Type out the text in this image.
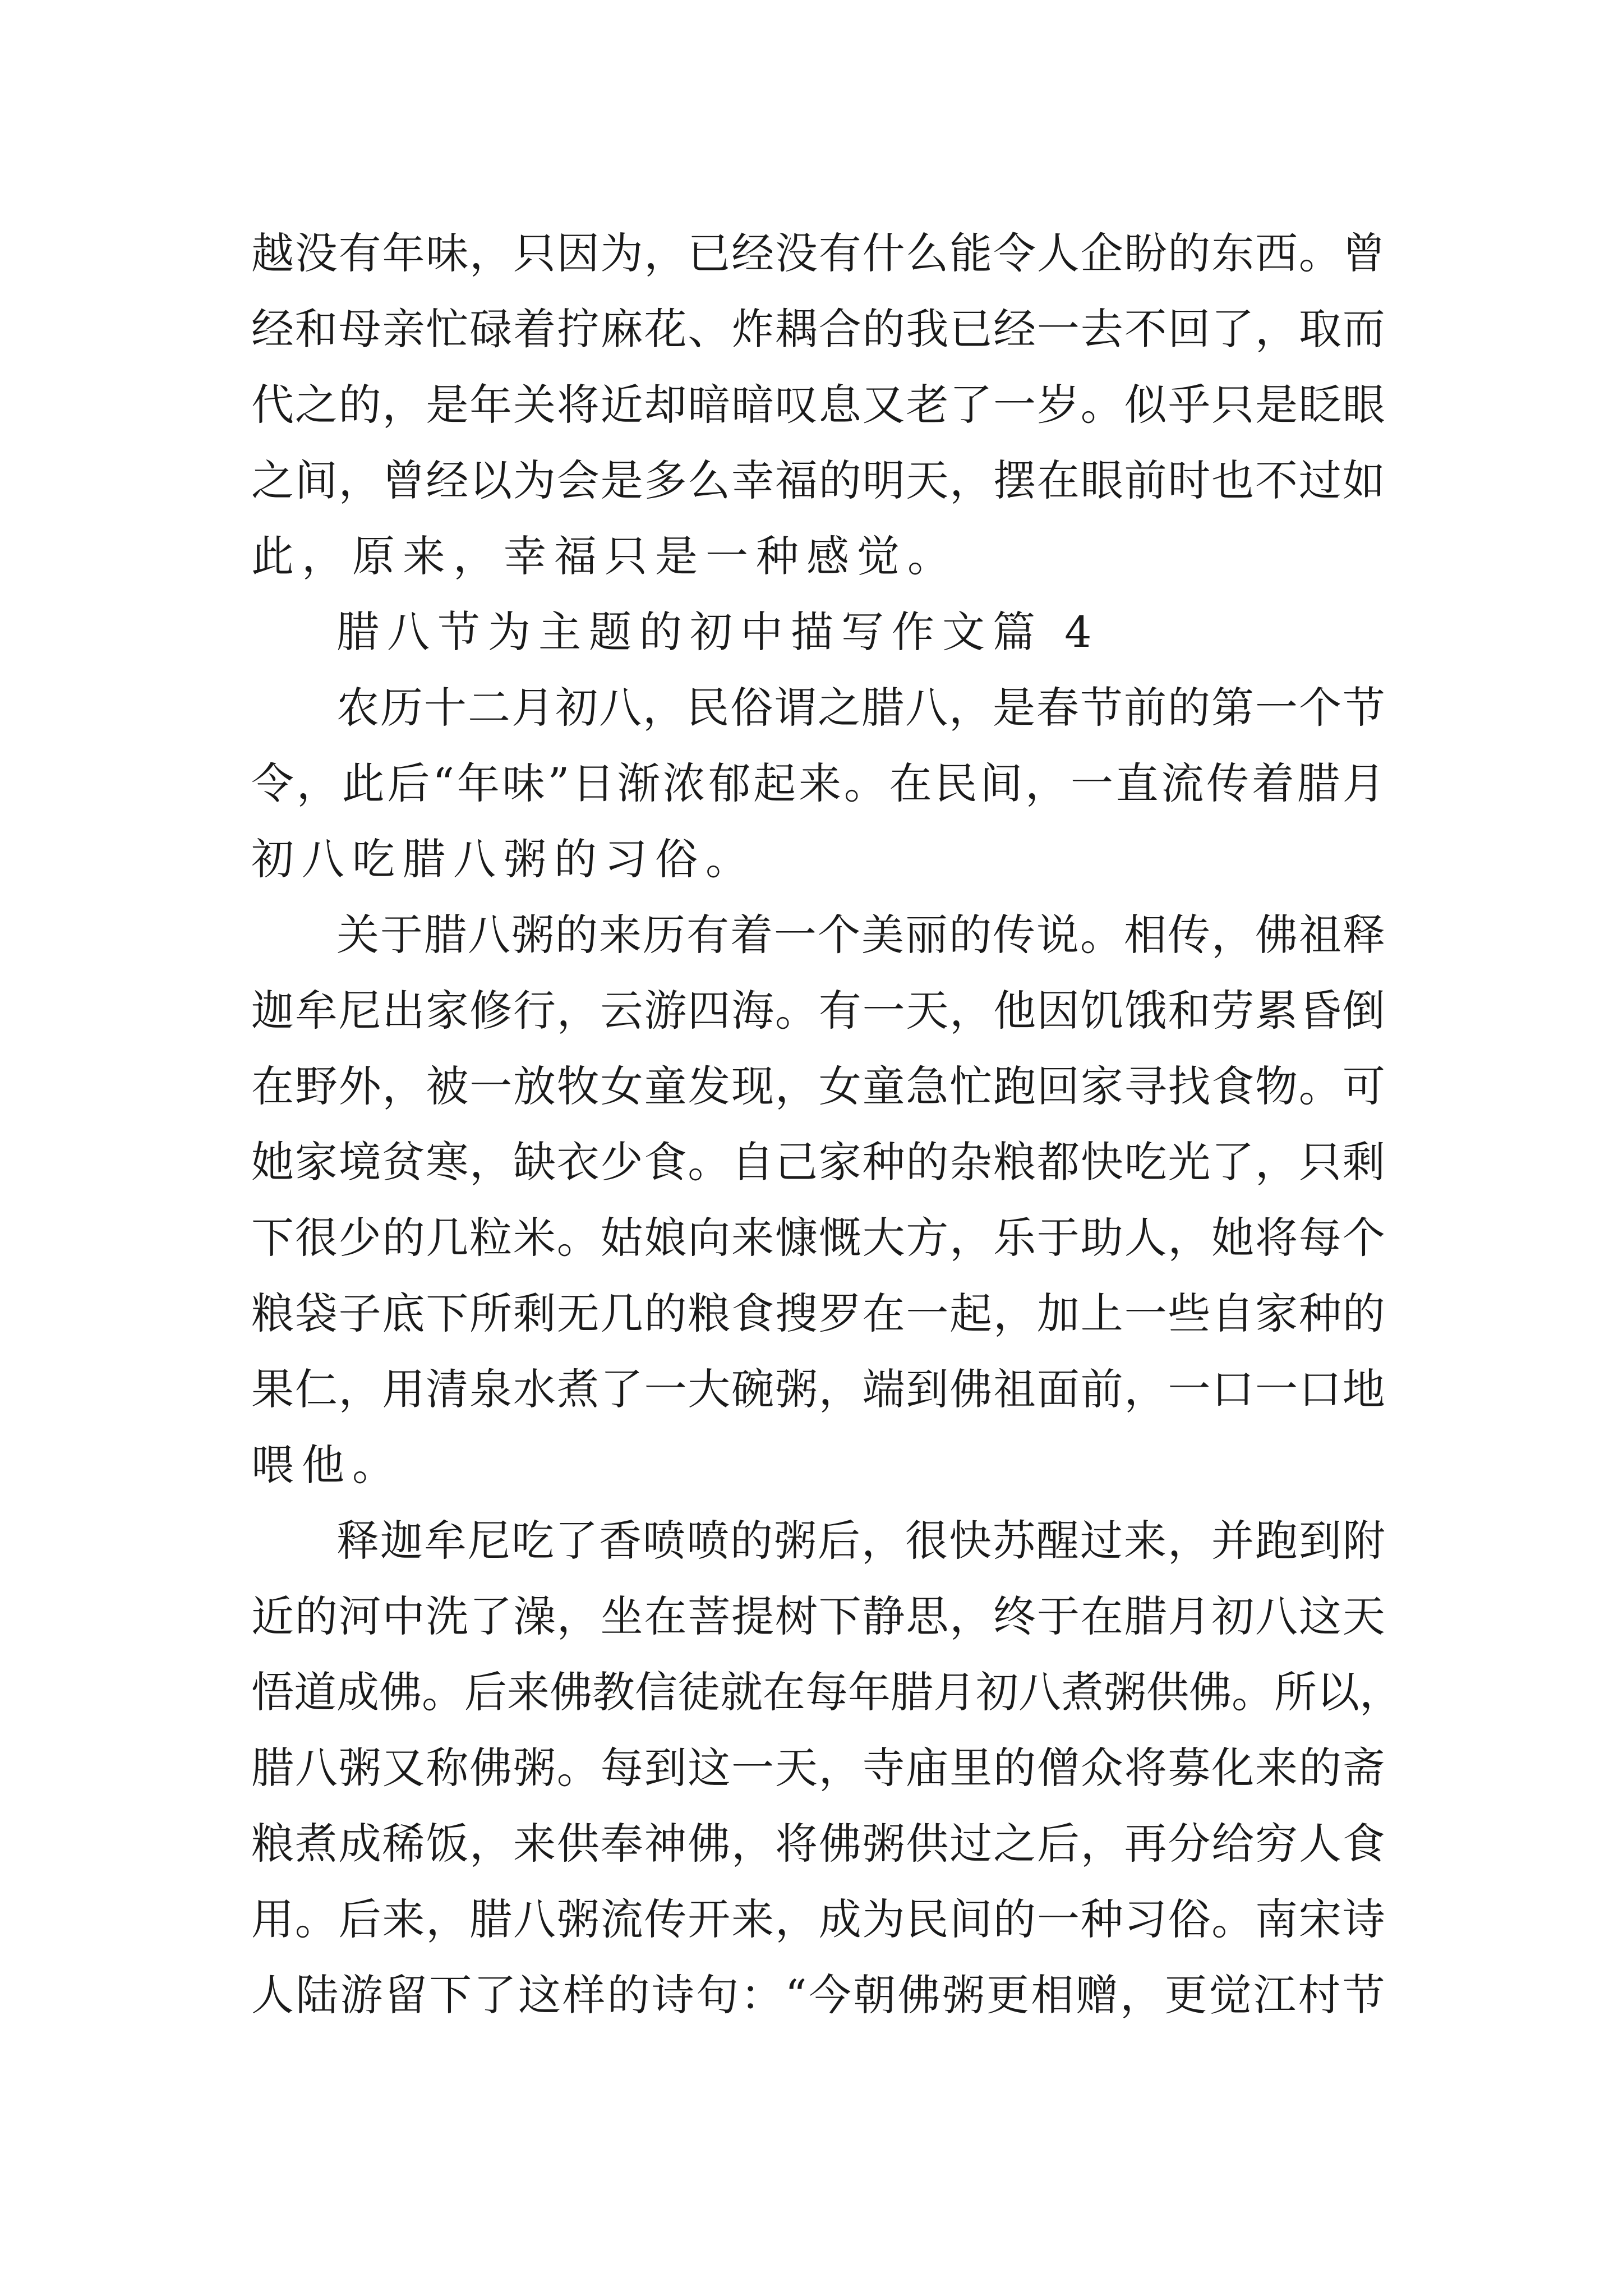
越 没 有 年 味 ， 只 因 为 ， 已 经 没 有 什 么 能 令 人 企 盼 的 东 西 。 曾
经 和 母 亲 忙 碌 着 拧 麻 花 、 炸 耦 合 的 我 已 经 一 去 不 回 了 ， 取 而
代 之 的 ， 是 年 关 将 近 却 暗 暗 叹 息 又 老 了 一 岁 。 似 乎 只 是 眨 眼
之 间 ， 曾 经 以 为 会 是 多 么 幸 福 的 明 天 ， 摆 在 眼 前 时 也 不 过 如
此，原来，幸福只是一种感觉。
腊八节为主题的初中描写作文篇 4
农 历 十 二 月 初 八 ， 民 俗 谓 之 腊 八 ， 是 春 节 前 的 第 一 个 节
令 ， 此 后 “ 年 味 ” 日 渐 浓 郁 起 来 。 在 民 间 ， 一 直 流 传 着 腊 月
初八吃腊八粥的习俗。
关 于 腊 八 粥 的 来 历 有 着 一 个 美 丽 的 传 说 。 相 传 ， 佛 祖 释
迦 牟 尼 出 家 修 行 ， 云 游 四 海 。 有 一 天 ， 他 因 饥 饿 和 劳 累 昏 倒
在 野 外 ， 被 一 放 牧 女 童 发 现 ， 女 童 急 忙 跑 回 家 寻 找 食 物 。 可
她 家 境 贫 寒 ， 缺 衣 少 食 。 自 己 家 种 的 杂 粮 都 快 吃 光 了 ， 只 剩
下 很 少 的 几 粒 米 。 姑 娘 向 来 慷 慨 大 方 ， 乐 于 助 人 ， 她 将 每 个
粮 袋 子 底 下 所 剩 无 几 的 粮 食 搜 罗 在 一 起 ， 加 上 一 些 自 家 种 的
果 仁 ， 用 清 泉 水 煮 了 一 大 碗 粥 ， 端 到 佛 祖 面 前 ， 一 口 一 口 地
喂他。
释 迦 牟 尼 吃 了 香 喷 喷 的 粥 后 ， 很 快 苏 醒 过 来 ， 并 跑 到 附
近 的 河 中 洗 了 澡 ， 坐 在 菩 提 树 下 静 思 ， 终 于 在 腊 月 初 八 这 天
悟 道 成 佛 。 后 来 佛 教 信 徒 就 在 每 年 腊 月 初 八 煮 粥 供 佛 。 所 以 ，
腊 八 粥 又 称 佛 粥 。 每 到 这 一 天 ， 寺 庙 里 的 僧 众 将 募 化 来 的 斋
粮 煮 成 稀 饭 ， 来 供 奉 神 佛 ， 将 佛 粥 供 过 之 后 ， 再 分 给 穷 人 食
用 。 后 来 ， 腊 八 粥 流 传 开 来 ， 成 为 民 间 的 一 种 习 俗 。 南 宋 诗
人 陆 游 留 下 了 这 样 的 诗 句 ： “ 今 朝 佛 粥 更 相 赠 ， 更 觉 江 村 节
